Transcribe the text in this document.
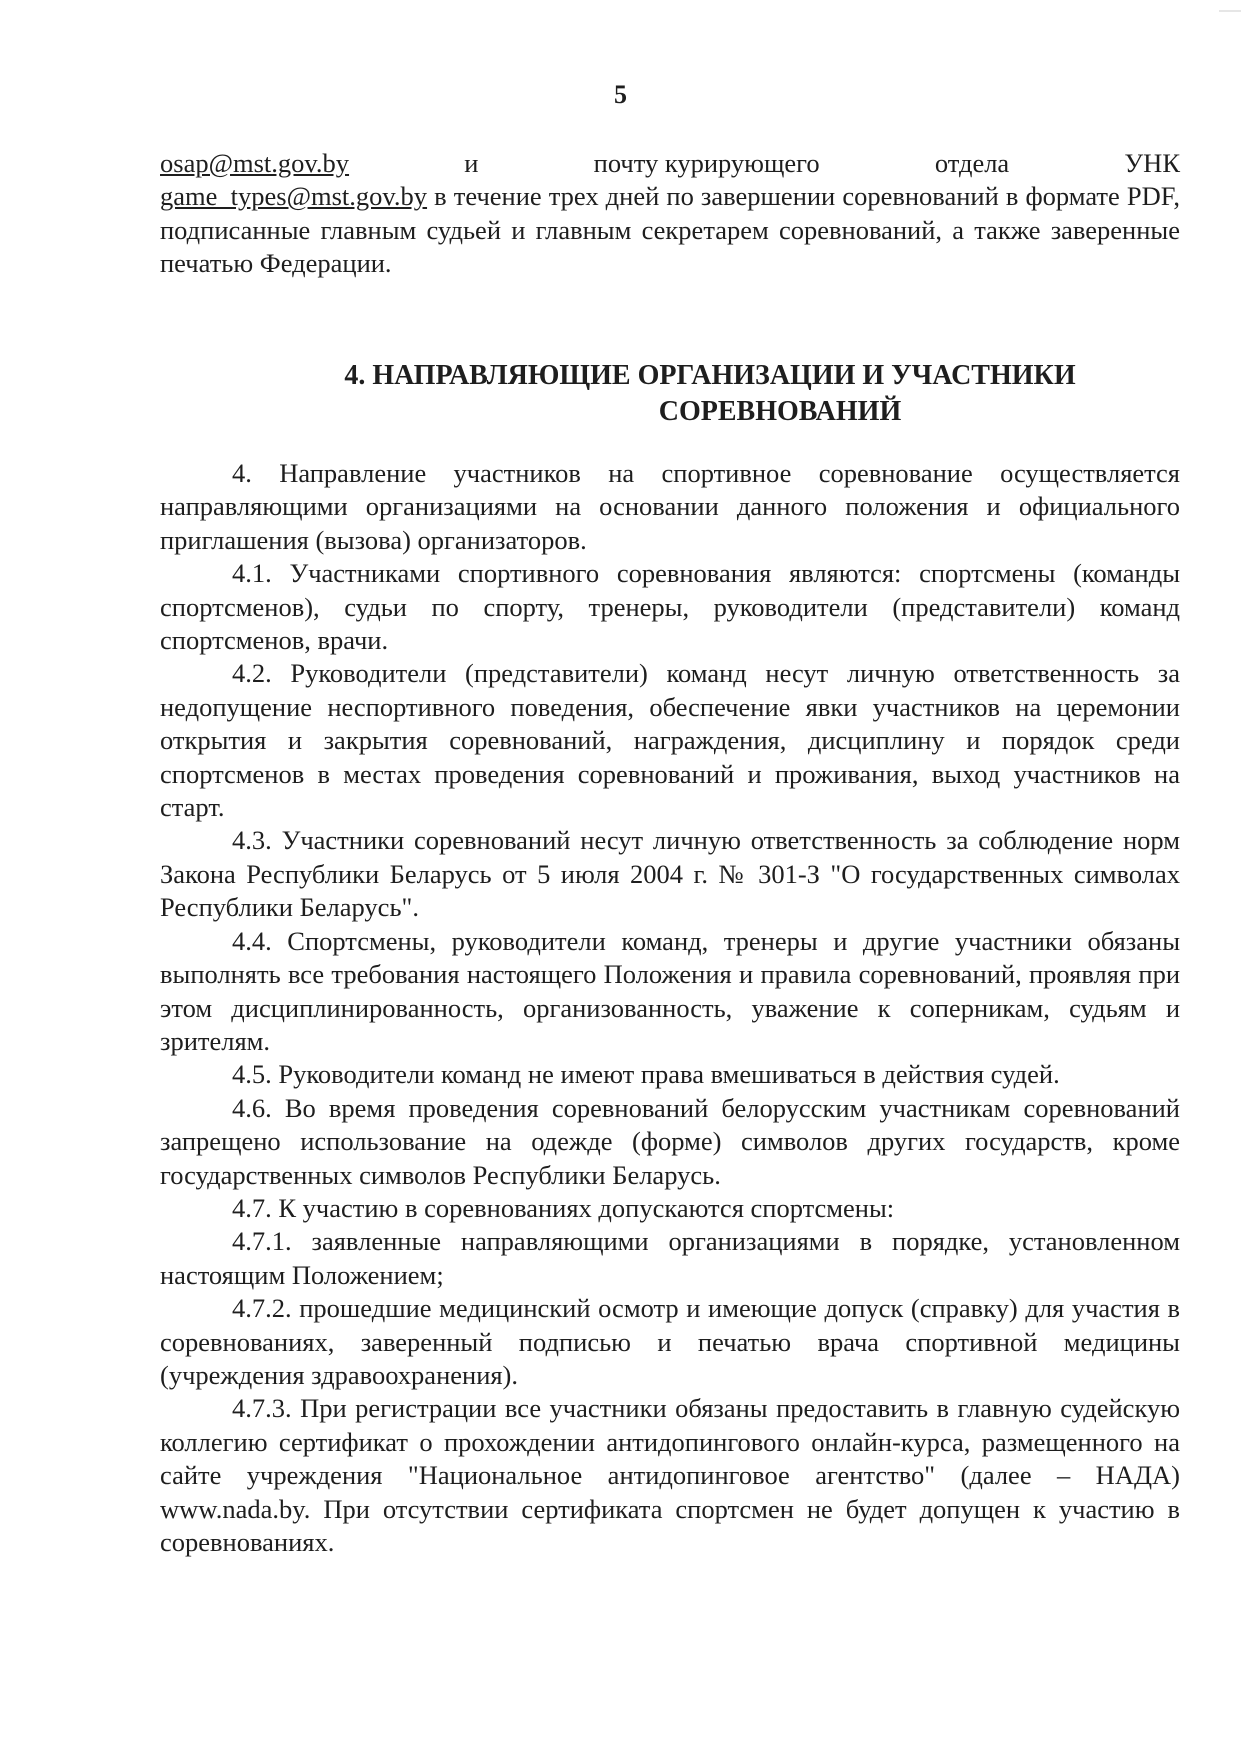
5
osap@mst.gov.by	и	почту курирующего	отдела	УНК

game_types@mst.gov.by в течение трех дней по завершении соревнований в формате PDF, подписанные главным судьей и главным секретарем соревнований, а также заверенные печатью Федерации.

4. НАПРАВЛЯЮЩИЕ ОРГАНИЗАЦИИ И УЧАСТНИКИ
СОРЕВНОВАНИЙ

4. Направление участников на спортивное соревнование осуществляется направляющими организациями на основании данного положения и официального приглашения (вызова) организаторов.

4.1. Участниками спортивного соревнования являются: спортсмены (команды спортсменов), судьи по спорту, тренеры, руководители (представители) команд спортсменов, врачи.

4.2. Руководители (представители) команд несут личную ответственность за недопущение неспортивного поведения, обеспечение явки участников на церемонии открытия и закрытия соревнований, награждения, дисциплину и порядок среди спортсменов в местах проведения соревнований и проживания, выход участников на старт.

4.3. Участники соревнований несут личную ответственность за соблюдение норм Закона Республики Беларусь от 5 июля 2004 г. № 301-З "О государственных символах Республики Беларусь".

4.4. Спортсмены, руководители команд, тренеры и другие участники обязаны выполнять все требования настоящего Положения и правила соревнований, проявляя при этом дисциплинированность, организованность, уважение к соперникам, судьям и зрителям.

4.5. Руководители команд не имеют права вмешиваться в действия судей.

4.6. Во время проведения соревнований белорусским участникам соревнований запрещено использование на одежде (форме) символов других государств, кроме государственных символов Республики Беларусь.

4.7. К участию в соревнованиях допускаются спортсмены:

4.7.1. заявленные направляющими организациями в порядке, установленном настоящим Положением;

4.7.2. прошедшие медицинский осмотр и имеющие допуск (справку) для участия в соревнованиях, заверенный подписью и печатью врача спортивной медицины (учреждения здравоохранения).

4.7.3. При регистрации все участники обязаны предоставить в главную судейскую коллегию сертификат о прохождении антидопингового онлайн-курса, размещенного на сайте учреждения "Национальное антидопинговое агентство" (далее – НАДА) www.nada.by. При отсутствии сертификата спортсмен не будет допущен к участию в соревнованиях.
